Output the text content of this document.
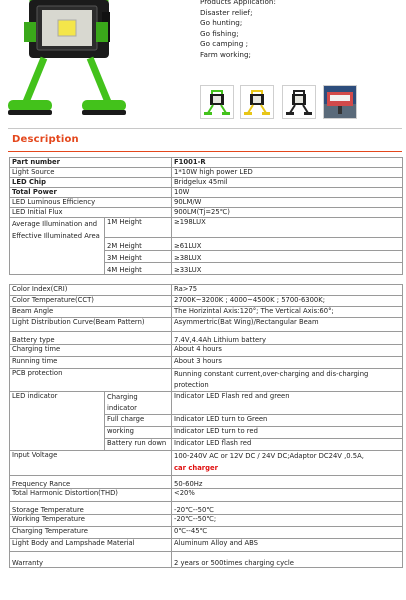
Products Application:
Disaster relief;
Go hunting;
Go fishing;
Go camping ;
Farm working;
Description
Part number		F1001-R
Light Source		1*10W high power LED
LED Chip		Bridgelux 45mil
Total Power		10W
LED Luminous Efficiency		90LM/W
LED Initial Flux		900LM(Tj=25℃)
Average Illumination and Effective Illuminated Area	1M Height	≥198LUX
	2M Height	≥61LUX
	3M Height	≥38LUX
	4M Height	≥33LUX

Color Index(CRI)		Ra>75
Color Temperature(CCT)		2700K~3200K ; 4000~4500K ; 5700-6300K;
Beam Angle		The Horizintal Axis:120°; The Vertical Axis:60°;
Light Distribution Curve(Beam Pattern)		Asymmertric(Bat Wing)/Rectangular Beam
Battery type		7.4V,4.4Ah Lithium battery
Charging time		About 4 hours
Running time		About 3 hours
PCB protection		Running constant current,over-charging and dis-charging protection
LED indicator	Charging indicator	Indicator LED Flash red and green
	Full charge	Indicator LED turn to Green
	working	Indicator LED turn to red
	Battery run down	Indicator LED flash red
Input Voltage		100-240V AC or 12V DC / 24V DC;Adaptor DC24V ,0.5A,
car charger
Frequency Rance		50-60Hz
Total Harmonic Distortion(THD)		<20%
Storage Temperature		-20℃--50℃
Working Temperature		-20℃--50℃;
Charging Temperature		0℃--45℃
Light Body and Lampshade Material		Aluminum Alloy and ABS
Warranty		2 years or 500times charging cycle
